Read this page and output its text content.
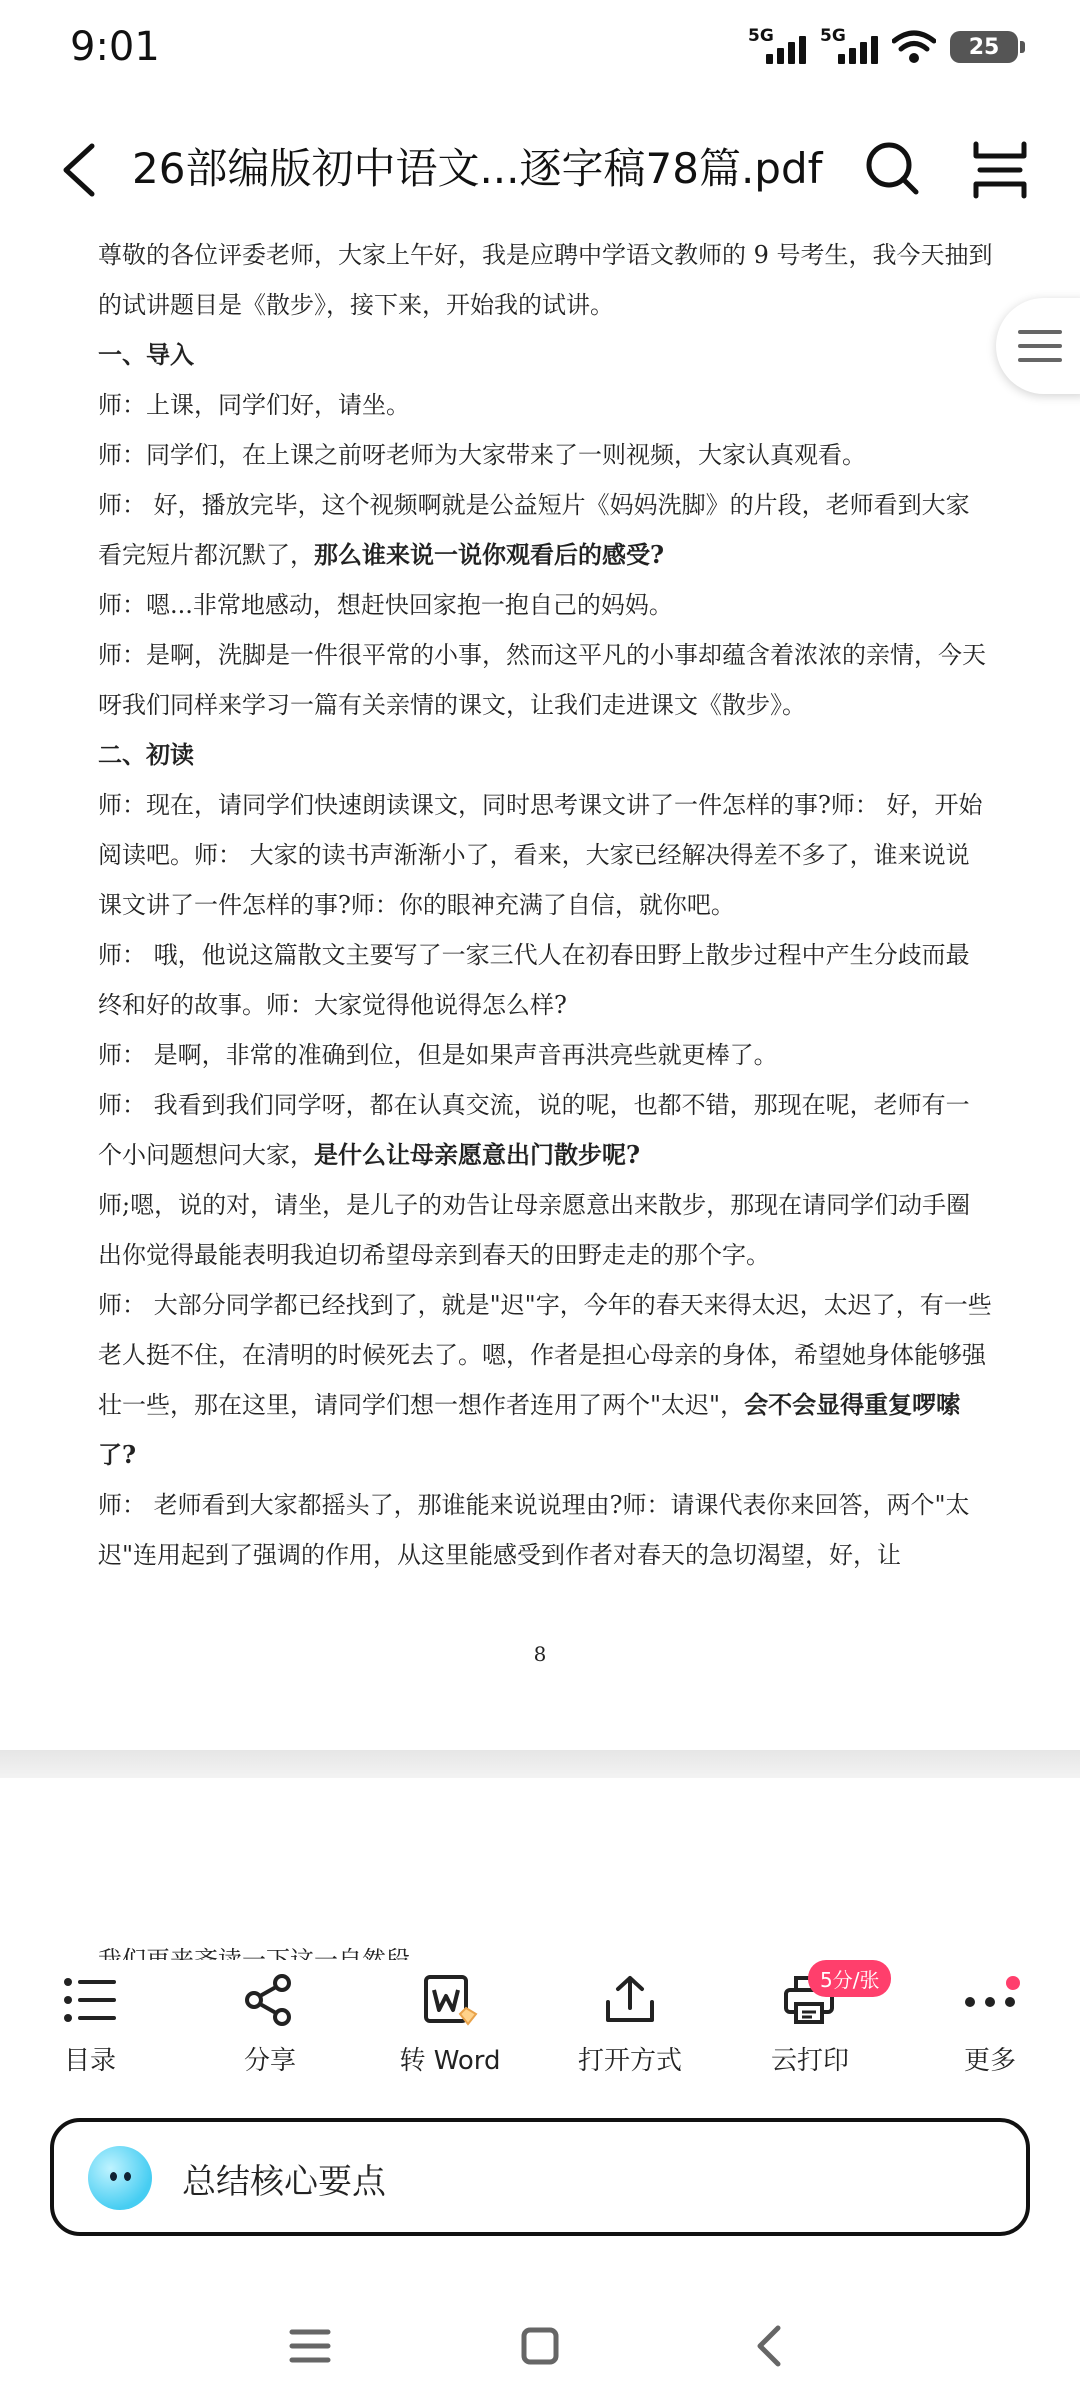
9:01	5G	5G	25
26部编版初中语文...逐字稿78篇.pdf

尊敬的各位评委老师，大家上午好，我是应聘中学语文教师的 9 号考生，我今天抽到的试讲题目是《散步》，接下来，开始我的试讲。

一、导入

师：上课，同学们好，请坐。

师：同学们，在上课之前呀老师为大家带来了一则视频，大家认真观看。

师： 好，播放完毕，这个视频啊就是公益短片《妈妈洗脚》的片段，老师看到大家看完短片都沉默了，那么谁来说一说你观看后的感受?

师：嗯...非常地感动，想赶快回家抱一抱自己的妈妈。

师：是啊，洗脚是一件很平常的小事，然而这平凡的小事却蕴含着浓浓的亲情，今天呀我们同样来学习一篇有关亲情的课文，让我们走进课文《散步》。

二、初读

师：现在，请同学们快速朗读课文，同时思考课文讲了一件怎样的事?师： 好，开始阅读吧。师： 大家的读书声渐渐小了，看来，大家已经解决得差不多了，谁来说说课文讲了一件怎样的事?师：你的眼神充满了自信，就你吧。

师： 哦，他说这篇散文主要写了一家三代人在初春田野上散步过程中产生分歧而最终和好的故事。师：大家觉得他说得怎么样?

师： 是啊，非常的准确到位，但是如果声音再洪亮些就更棒了。

师： 我看到我们同学呀，都在认真交流，说的呢，也都不错，那现在呢，老师有一个小问题想问大家，是什么让母亲愿意出门散步呢?

师;嗯，说的对，请坐，是儿子的劝告让母亲愿意出来散步，那现在请同学们动手圈出你觉得最能表明我迫切希望母亲到春天的田野走走的那个字。

师： 大部分同学都已经找到了，就是"迟"字，今年的春天来得太迟，太迟了，有一些老人挺不住，在清明的时候死去了。嗯，作者是担心母亲的身体，希望她身体能够强壮一些，那在这里，请同学们想一想作者连用了两个"太迟"，会不会显得重复啰嗦了?

师： 老师看到大家都摇头了，那谁能来说说理由?师：请课代表你来回答，两个"太迟"连用起到了强调的作用，从这里能感受到作者对春天的急切渴望，好，让

8
目录	分享	转 Word	打开方式	云打印
5分/张
更多
总结核心要点
